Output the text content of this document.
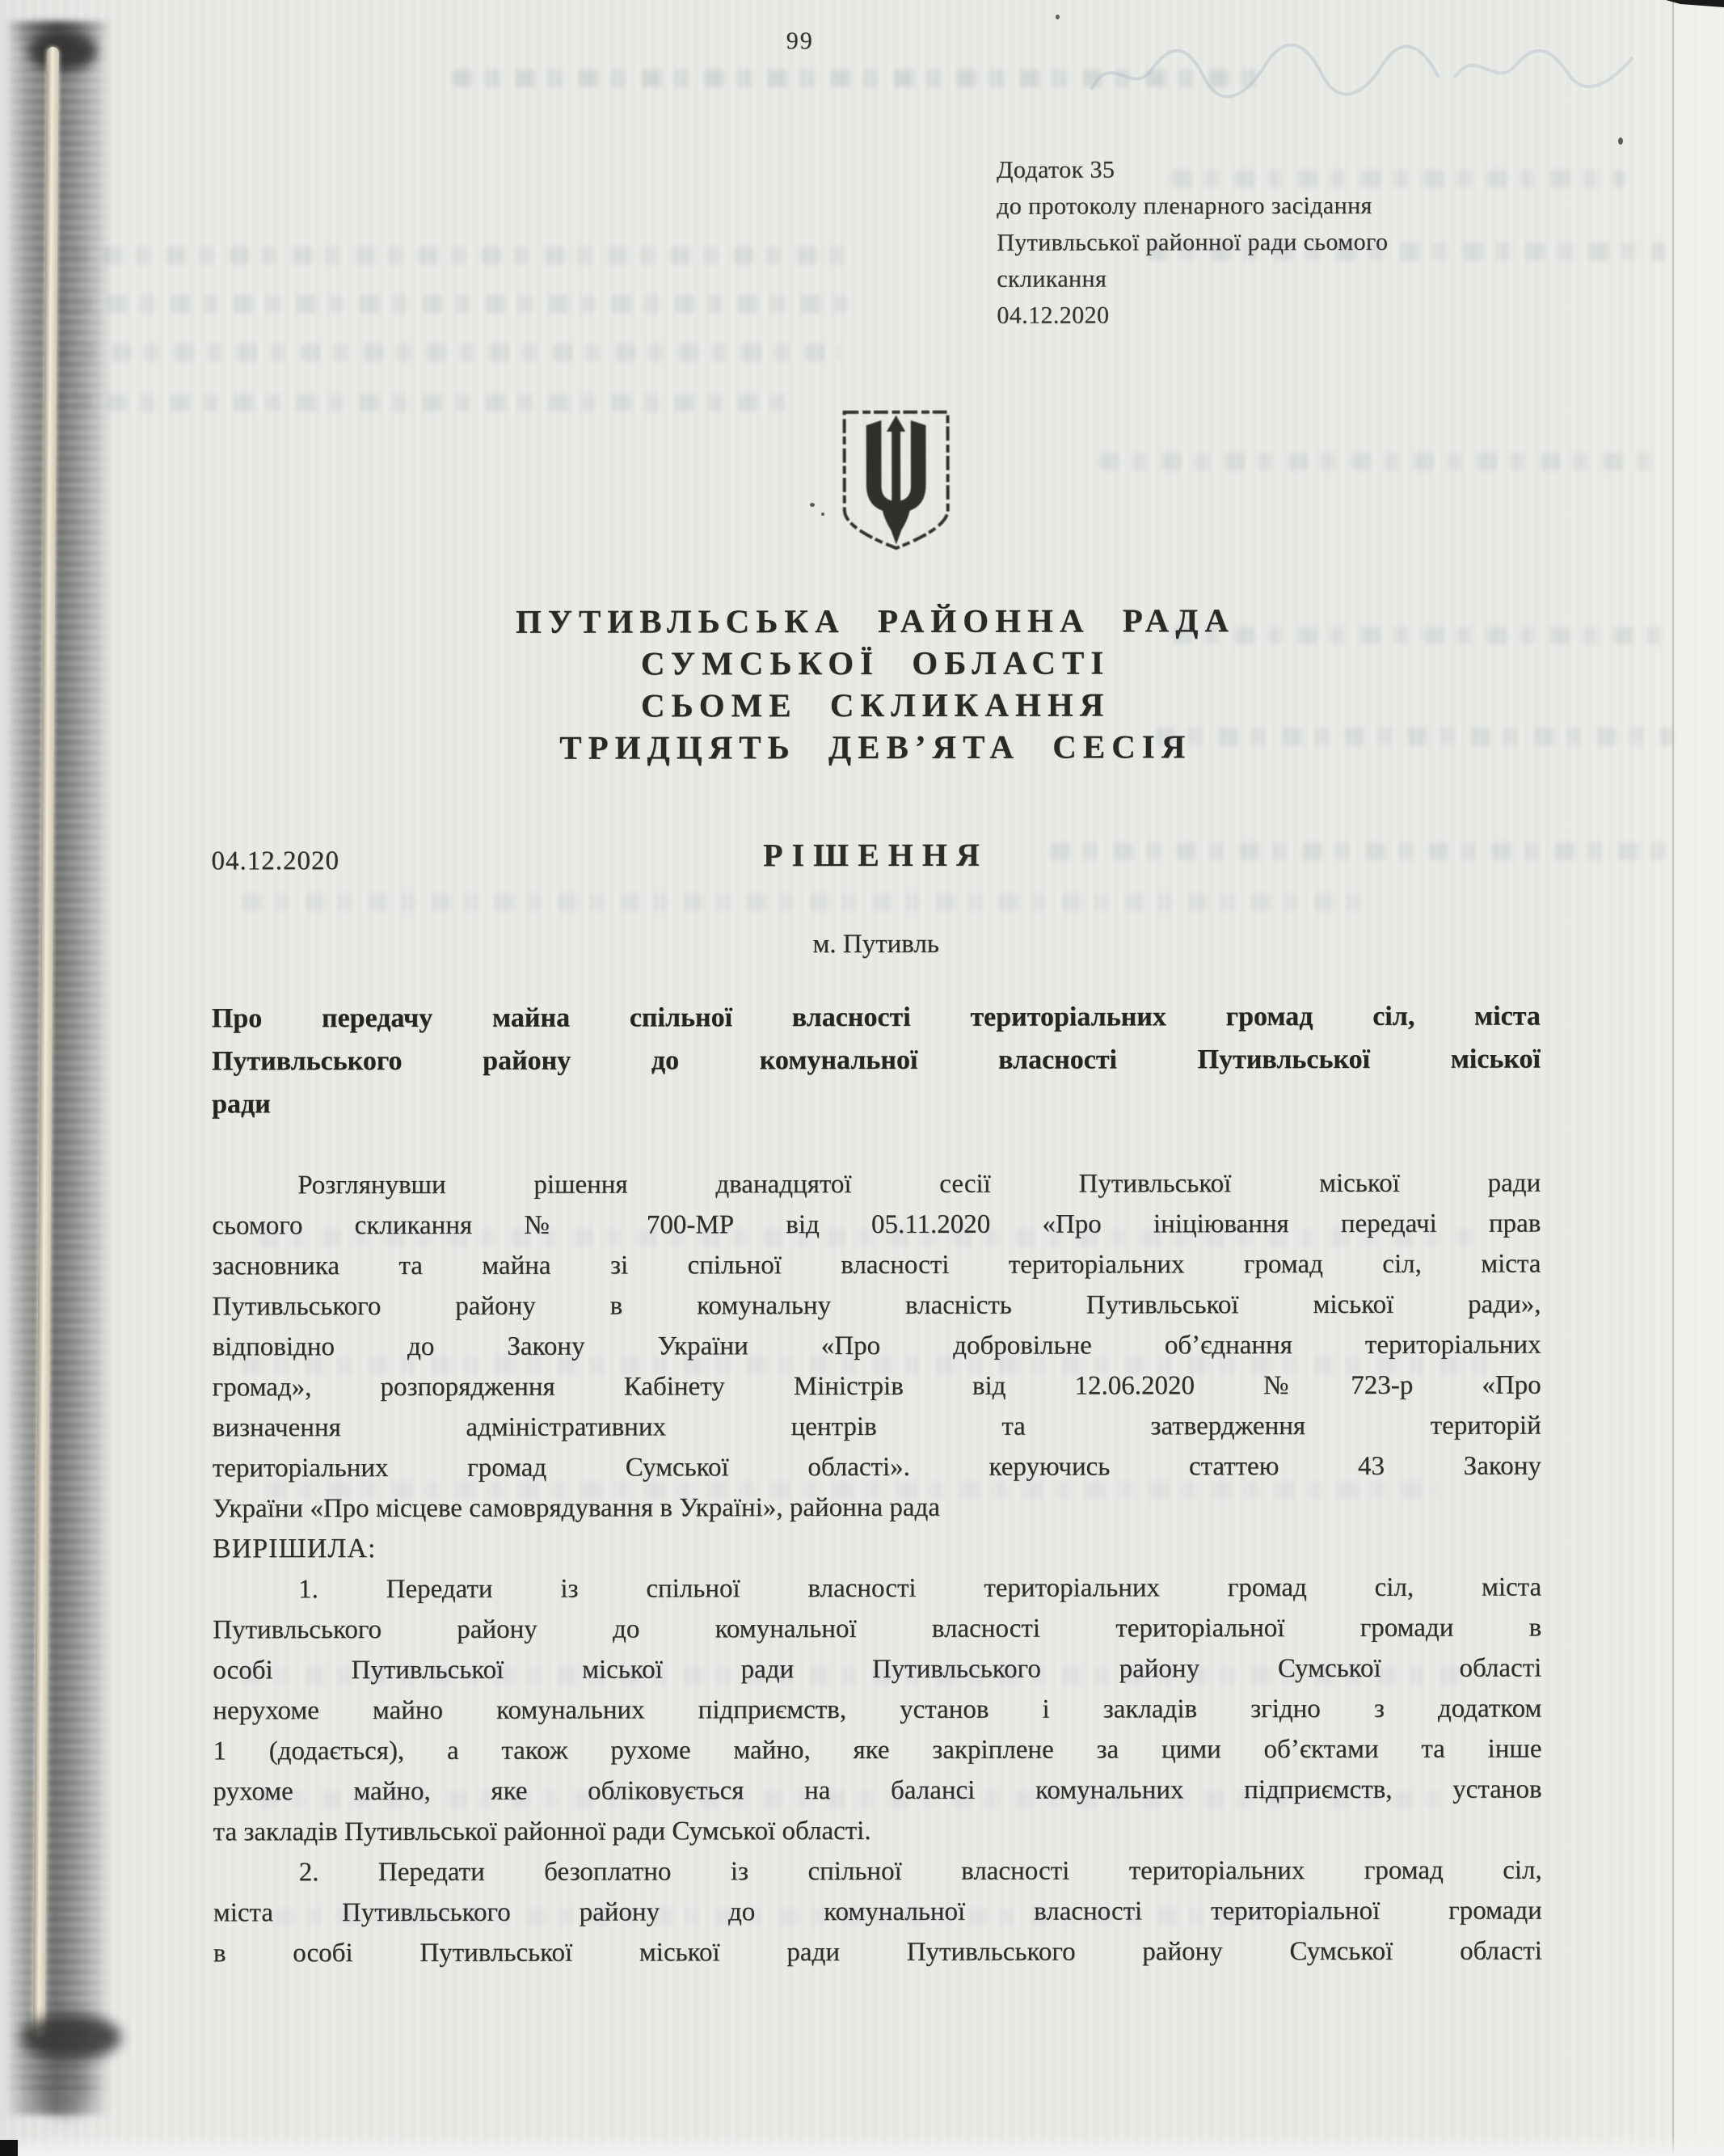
99
Додаток 35
до протоколу пленарного засідання
Путивльської районної ради сьомого
скликання
04.12.2020
ПУТИВЛЬСЬКА РАЙОННА РАДА
СУМСЬКОЇ ОБЛАСТІ
СЬОМЕ СКЛИКАННЯ
ТРИДЦЯТЬ ДЕВ’ЯТА СЕСІЯ
04.12.2020	РІШЕННЯ
м. Путивль
Про передачу майна спільної власності територіальних громад сіл, міста
Путивльського району до комунальної власності Путивльської міської
ради
Розглянувши рішення дванадцятої сесії Путивльської міської ради
сьомого скликання № 700-МР від 05.11.2020 «Про ініціювання передачі прав
засновника та майна зі спільної власності територіальних громад сіл, міста
Путивльського району в комунальну власність Путивльської міської ради»,
відповідно до Закону України «Про добровільне об’єднання територіальних
громад», розпорядження Кабінету Міністрів від 12.06.2020 №723-р «Про
визначення адміністративних центрів та затвердження територій
територіальних громад Сумської області». керуючись статтею 43 Закону
України «Про місцеве самоврядування в Україні», районна рада
ВИРІШИЛА:
1. Передати із спільної власності територіальних громад сіл, міста
Путивльського району до комунальної власності територіальної громади в
особі Путивльської міської ради Путивльського району Сумської області
нерухоме майно комунальних підприємств, установ і закладів згідно з додатком
1 (додається), а також рухоме майно, яке закріплене за цими об’єктами та інше
рухоме майно, яке обліковується на балансі комунальних підприємств, установ
та закладів Путивльської районної ради Сумської області.
2. Передати безоплатно із спільної власності територіальних громад сіл,
міста Путивльського району до комунальної власності територіальної громади
в особі Путивльської міської ради Путивльського району Сумської області
